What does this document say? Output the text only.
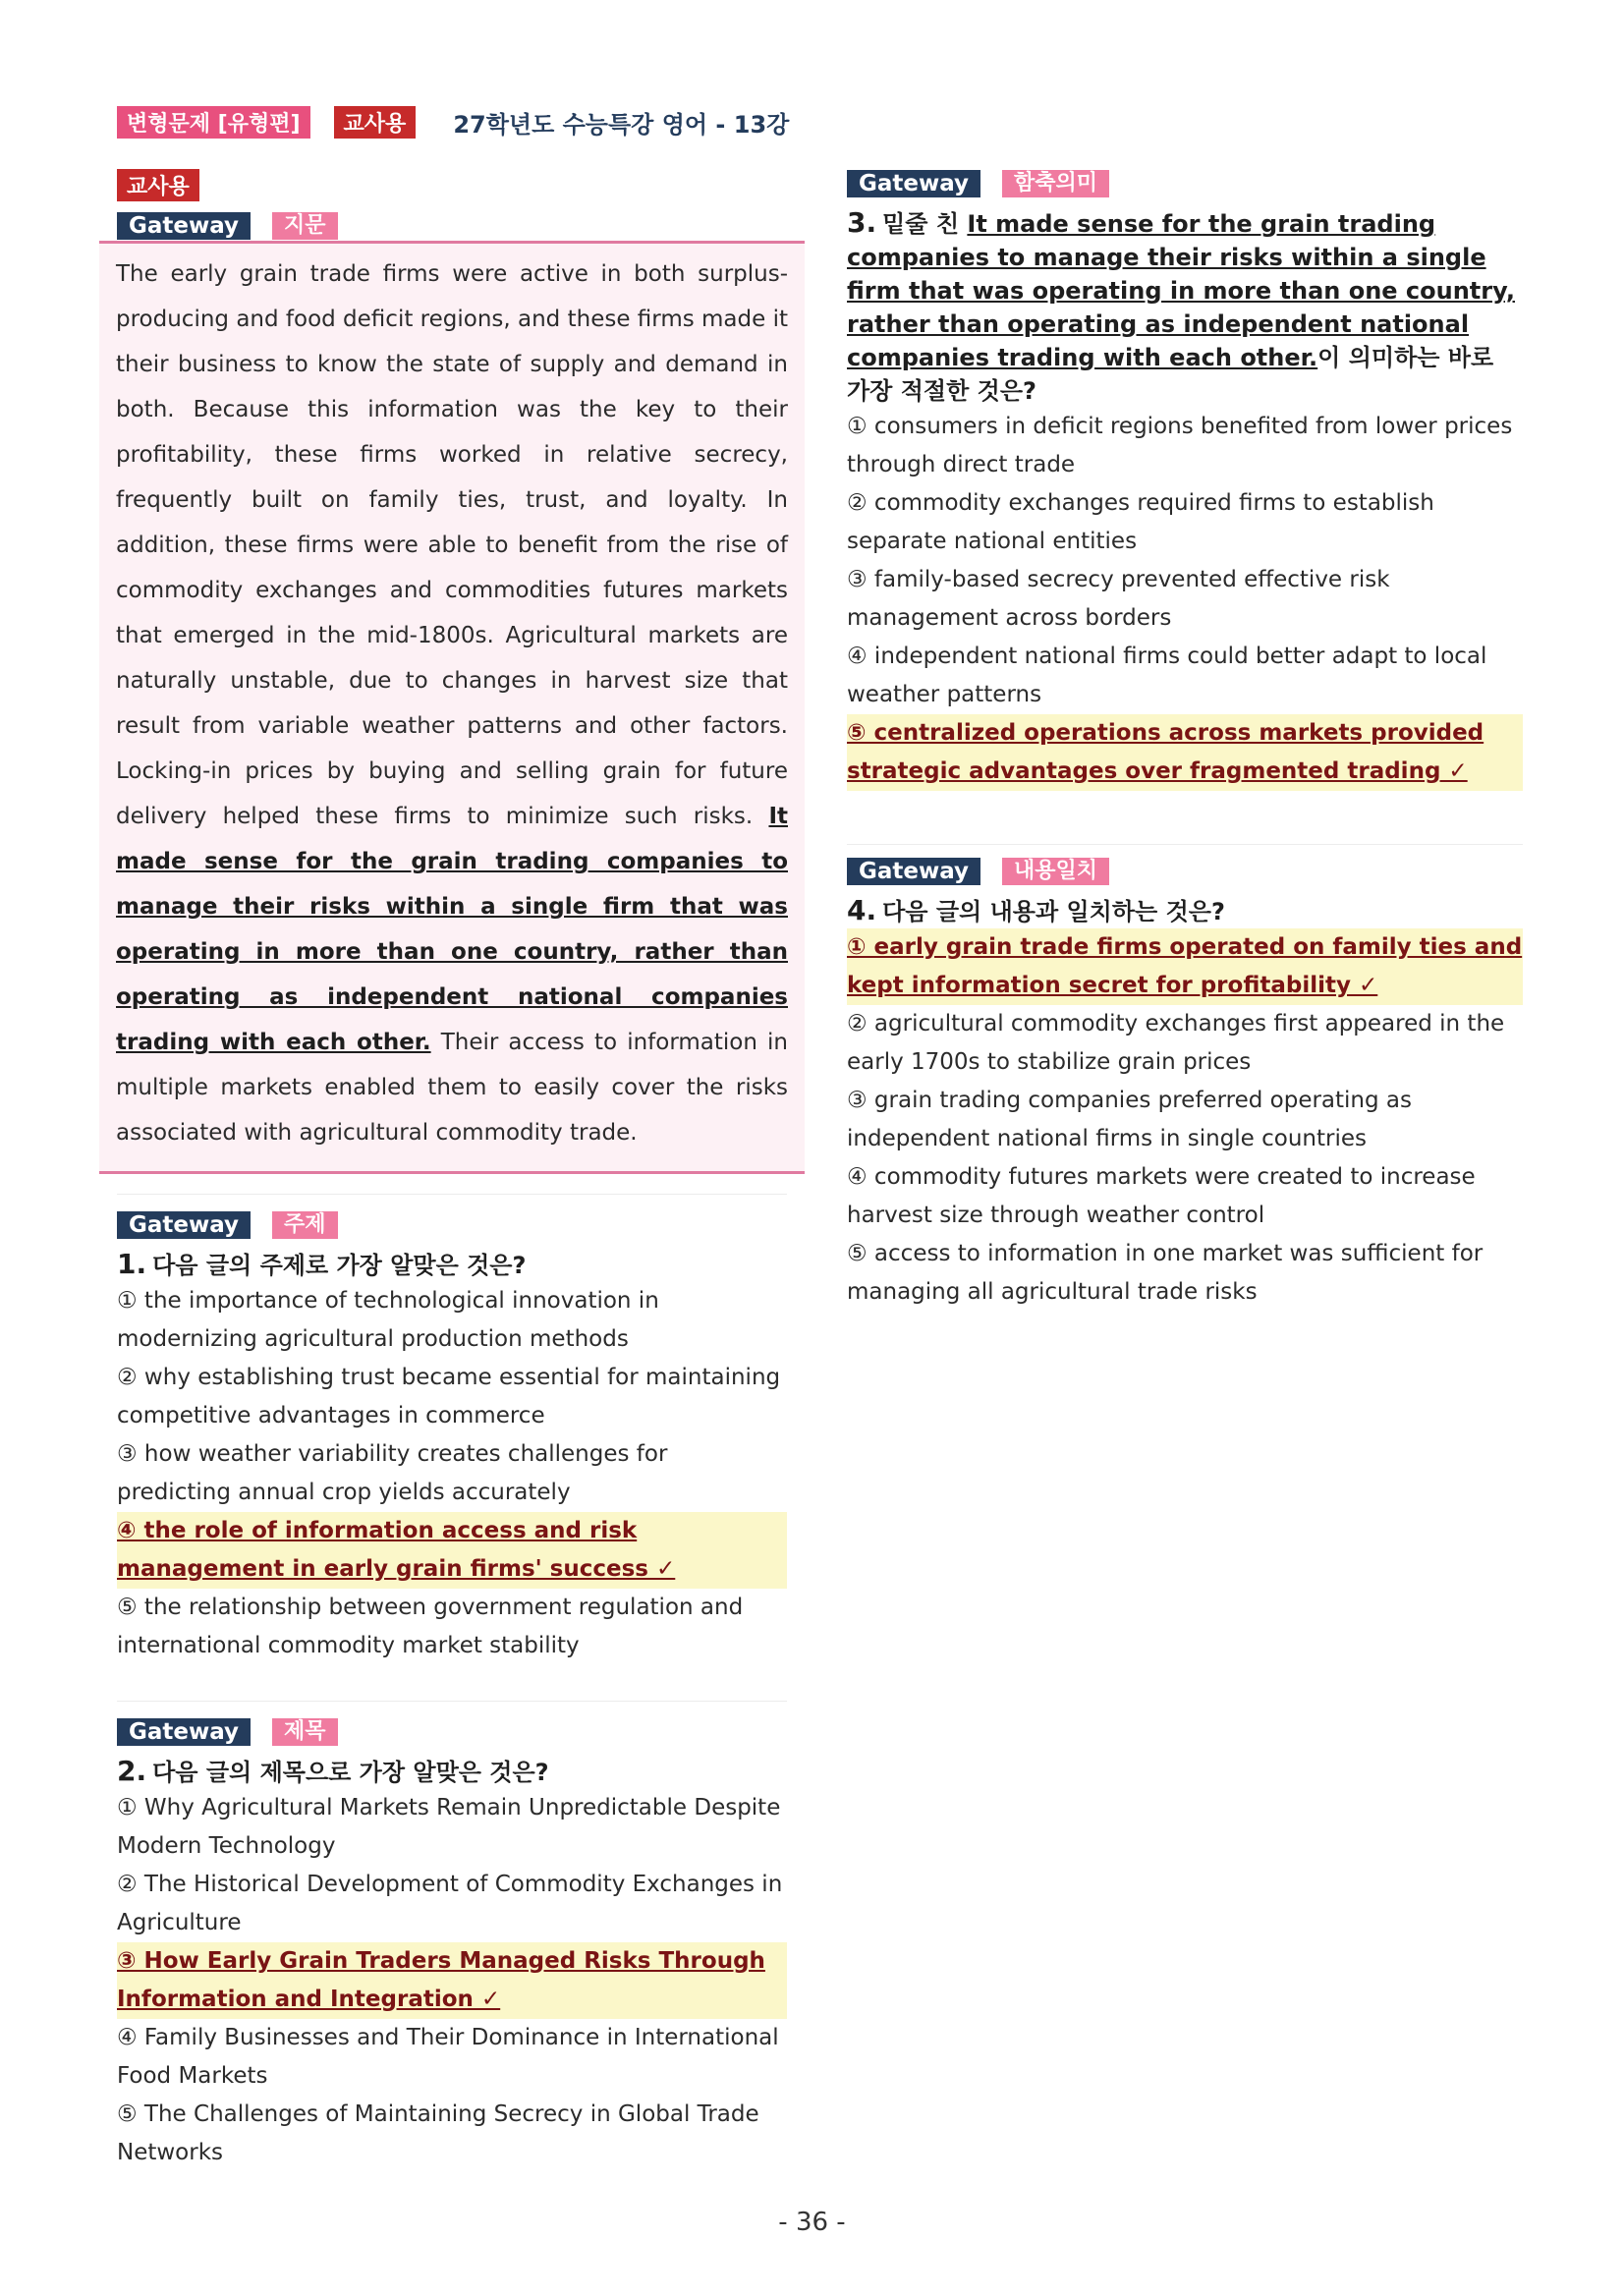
변형문제 [유형편]	교사용	27학년도 수능특강 영어 - 13강
교사용
Gateway	지문
The early grain trade firms were active in both surplus-producing and food deficit regions, and these firms made it their business to know the state of supply and demand in both. Because this information was the key to their profitability, these firms worked in relative secrecy, frequently built on family ties, trust, and loyalty. In addition, these firms were able to benefit from the rise of commodity exchanges and commodities futures markets that emerged in the mid-1800s. Agricultural markets are naturally unstable, due to changes in harvest size that result from variable weather patterns and other factors. Locking-in prices by buying and selling grain for future delivery helped these firms to minimize such risks. It made sense for the grain trading companies to manage their risks within a single firm that was operating in more than one country, rather than operating as independent national companies trading with each other. Their access to information in multiple markets enabled them to easily cover the risks associated with agricultural commodity trade.
Gateway	주제
1. 다음 글의 주제로 가장 알맞은 것은?
① the importance of technological innovation in modernizing agricultural production methods
② why establishing trust became essential for maintaining competitive advantages in commerce
③ how weather variability creates challenges for predicting annual crop yields accurately
④ the role of information access and risk management in early grain firms' success ✓
⑤ the relationship between government regulation and international commodity market stability
Gateway	제목
2. 다음 글의 제목으로 가장 알맞은 것은?
① Why Agricultural Markets Remain Unpredictable Despite Modern Technology
② The Historical Development of Commodity Exchanges in Agriculture
③ How Early Grain Traders Managed Risks Through Information and Integration ✓
④ Family Businesses and Their Dominance in International Food Markets
⑤ The Challenges of Maintaining Secrecy in Global Trade Networks
Gateway	함축의미
3. 밑줄 친 It made sense for the grain trading companies to manage their risks within a single firm that was operating in more than one country, rather than operating as independent national companies trading with each other.이 의미하는 바로 가장 적절한 것은?
① consumers in deficit regions benefited from lower prices through direct trade
② commodity exchanges required firms to establish separate national entities
③ family-based secrecy prevented effective risk management across borders
④ independent national firms could better adapt to local weather patterns
⑤ centralized operations across markets provided strategic advantages over fragmented trading ✓
Gateway	내용일치
4. 다음 글의 내용과 일치하는 것은?
① early grain trade firms operated on family ties and kept information secret for profitability ✓
② agricultural commodity exchanges first appeared in the early 1700s to stabilize grain prices
③ grain trading companies preferred operating as independent national firms in single countries
④ commodity futures markets were created to increase harvest size through weather control
⑤ access to information in one market was sufficient for managing all agricultural trade risks
- 36 -
